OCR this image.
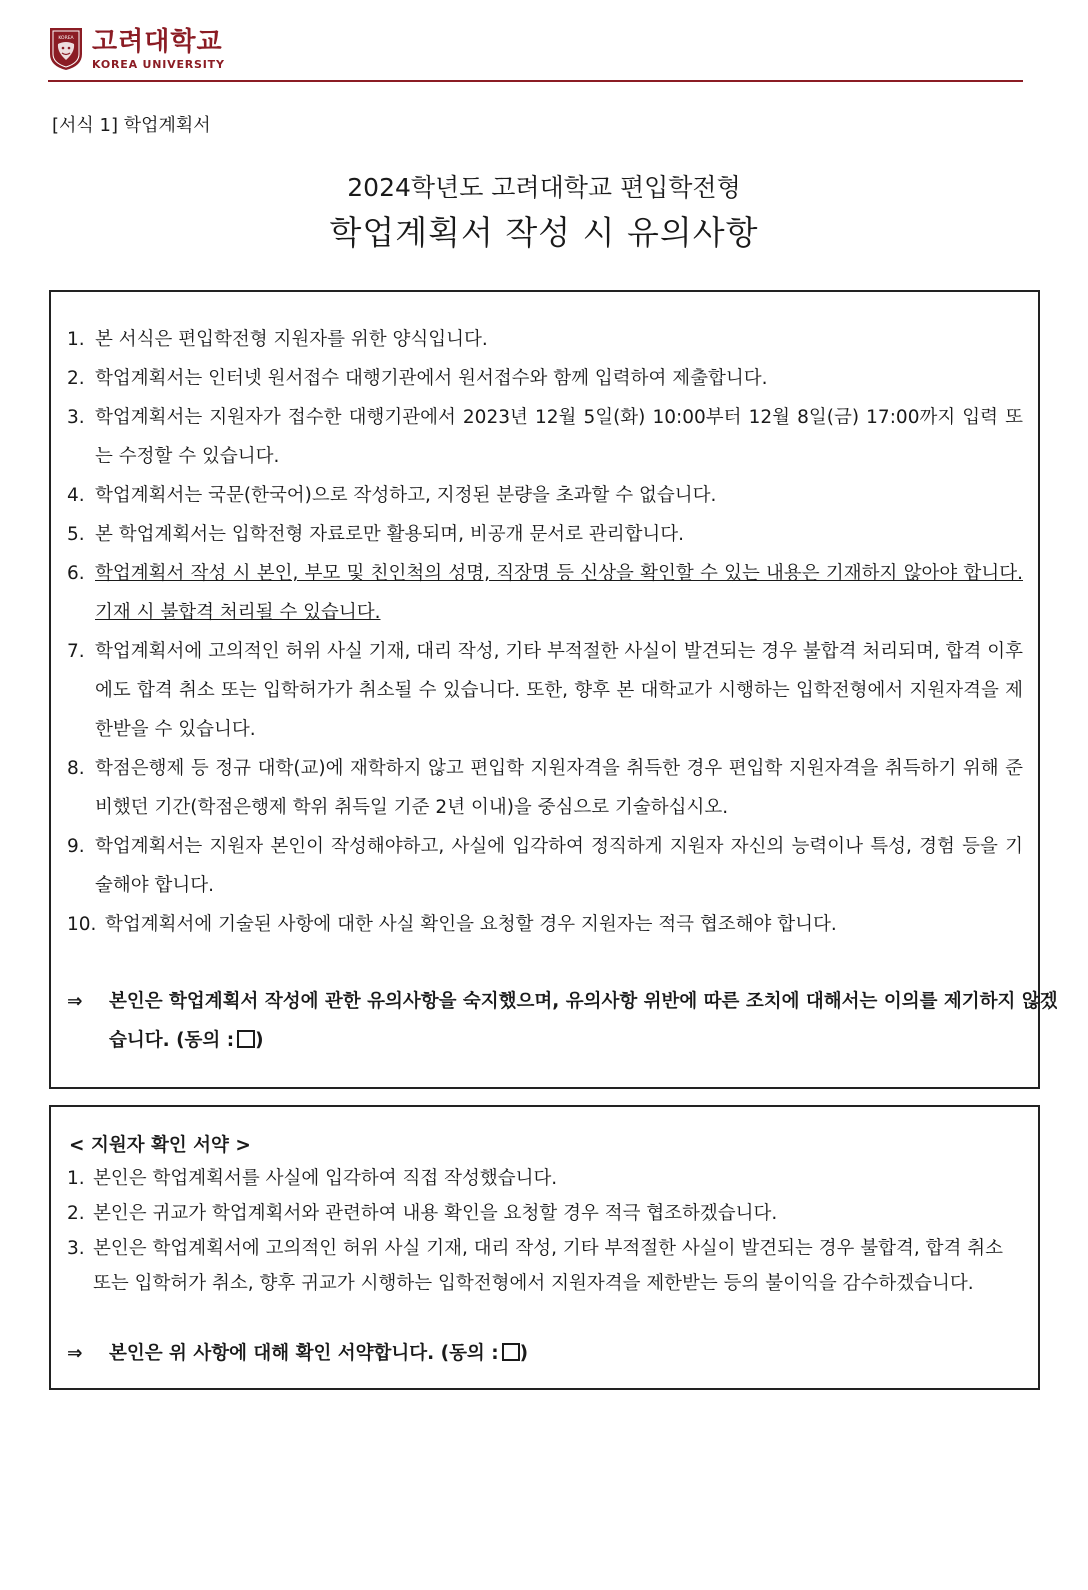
KOREA 고려대학교
KOREA UNIVERSITY
[서식 1] 학업계획서
2024학년도 고려대학교 편입학전형
학업계획서 작성 시 유의사항
1. 본 서식은 편입학전형 지원자를 위한 양식입니다.
2. 학업계획서는 인터넷 원서접수 대행기관에서 원서접수와 함께 입력하여 제출합니다.
3. 학업계획서는 지원자가 접수한 대행기관에서 2023년 12월 5일(화) 10:00부터 12월 8일(금) 17:00까지 입력 또는 수정할 수 있습니다.
4. 학업계획서는 국문(한국어)으로 작성하고, 지정된 분량을 초과할 수 없습니다.
5. 본 학업계획서는 입학전형 자료로만 활용되며, 비공개 문서로 관리합니다.
6. 학업계획서 작성 시 본인, 부모 및 친인척의 성명, 직장명 등 신상을 확인할 수 있는 내용은 기재하지 않아야 합니다. 기재 시 불합격 처리될 수 있습니다.
7. 학업계획서에 고의적인 허위 사실 기재, 대리 작성, 기타 부적절한 사실이 발견되는 경우 불합격 처리되며, 합격 이후에도 합격 취소 또는 입학허가가 취소될 수 있습니다. 또한, 향후 본 대학교가 시행하는 입학전형에서 지원자격을 제한받을 수 있습니다.
8. 학점은행제 등 정규 대학(교)에 재학하지 않고 편입학 지원자격을 취득한 경우 편입학 지원자격을 취득하기 위해 준비했던 기간(학점은행제 학위 취득일 기준 2년 이내)을 중심으로 기술하십시오.
9. 학업계획서는 지원자 본인이 작성해야하고, 사실에 입각하여 정직하게 지원자 자신의 능력이나 특성, 경험 등을 기술해야 합니다.
10. 학업계획서에 기술된 사항에 대한 사실 확인을 요청할 경우 지원자는 적극 협조해야 합니다.
⇒ 본인은 학업계획서 작성에 관한 유의사항을 숙지했으며, 유의사항 위반에 따른 조치에 대해서는 이의를 제기하지 않겠습니다. (동의 : )
< 지원자 확인 서약 >
1. 본인은 학업계획서를 사실에 입각하여 직접 작성했습니다.
2. 본인은 귀교가 학업계획서와 관련하여 내용 확인을 요청할 경우 적극 협조하겠습니다.
3. 본인은 학업계획서에 고의적인 허위 사실 기재, 대리 작성, 기타 부적절한 사실이 발견되는 경우 불합격, 합격 취소 또는 입학허가 취소, 향후 귀교가 시행하는 입학전형에서 지원자격을 제한받는 등의 불이익을 감수하겠습니다.
⇒ 본인은 위 사항에 대해 확인 서약합니다. (동의 : )
